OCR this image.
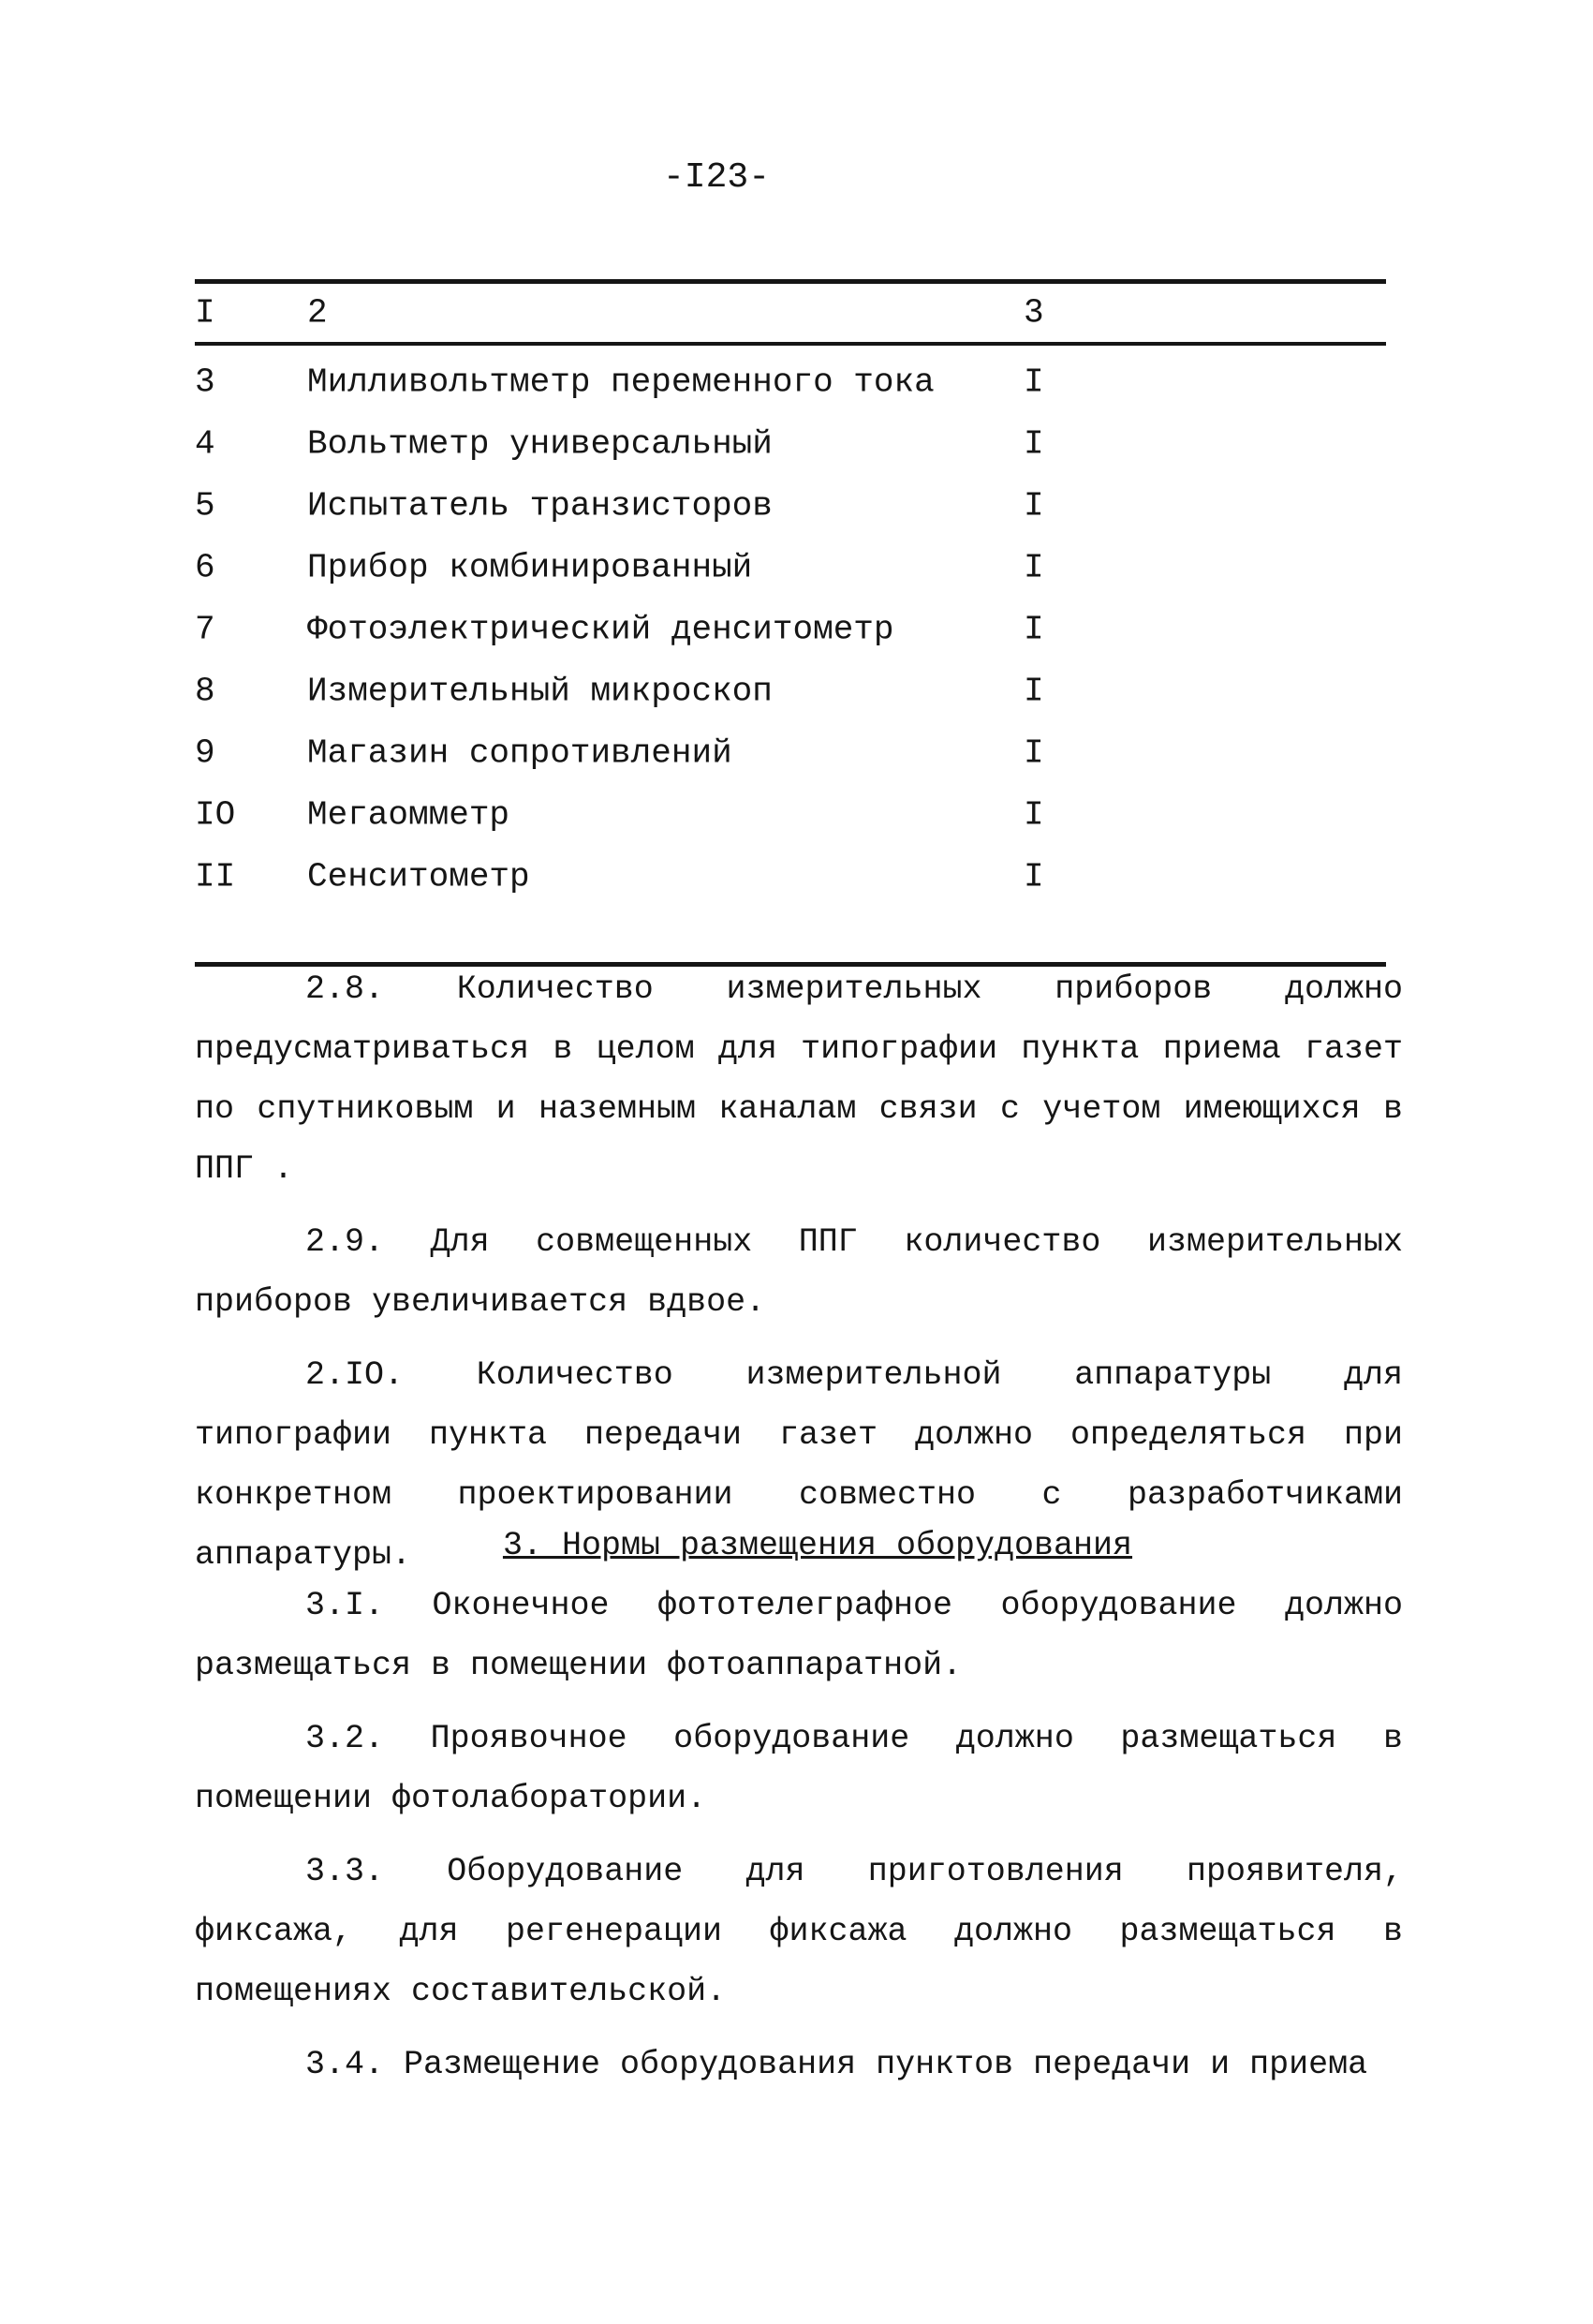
-I23-
I	2	3
3	Милливольтметр переменного тока	I
4	Вольтметр универсальный	I
5	Испытатель транзисторов	I
6	Прибор комбинированный	I
7	Фотоэлектрический денситометр	I
8	Измерительный микроскоп	I
9	Магазин сопротивлений	I
IO Мегаомметр	I
II Сенситометр	I

2.8. Количество измерительных приборов должно предусматриваться в целом для типографии пункта приема газет по спутниковым и наземным каналам связи с учетом имеющихся в ППГ .

2.9. Для совмещенных ППГ количество измерительных приборов увеличивается вдвое.

2.IO. Количество измерительной аппаратуры для типографии пункта передачи газет должно определяться при конкретном проектировании совместно с разработчиками аппаратуры.	3. Нормы размещения оборудования

3.I. Оконечное фототелеграфное оборудование должно размещаться в помещении фотоаппаратной.

3.2. Проявочное оборудование должно размещаться в помещении фотолаборатории.

3.3. Оборудование для приготовления проявителя, фиксажа, для регенерации фиксажа должно размещаться в помещениях составительской.

3.4. Размещение оборудования пунктов передачи и приема
